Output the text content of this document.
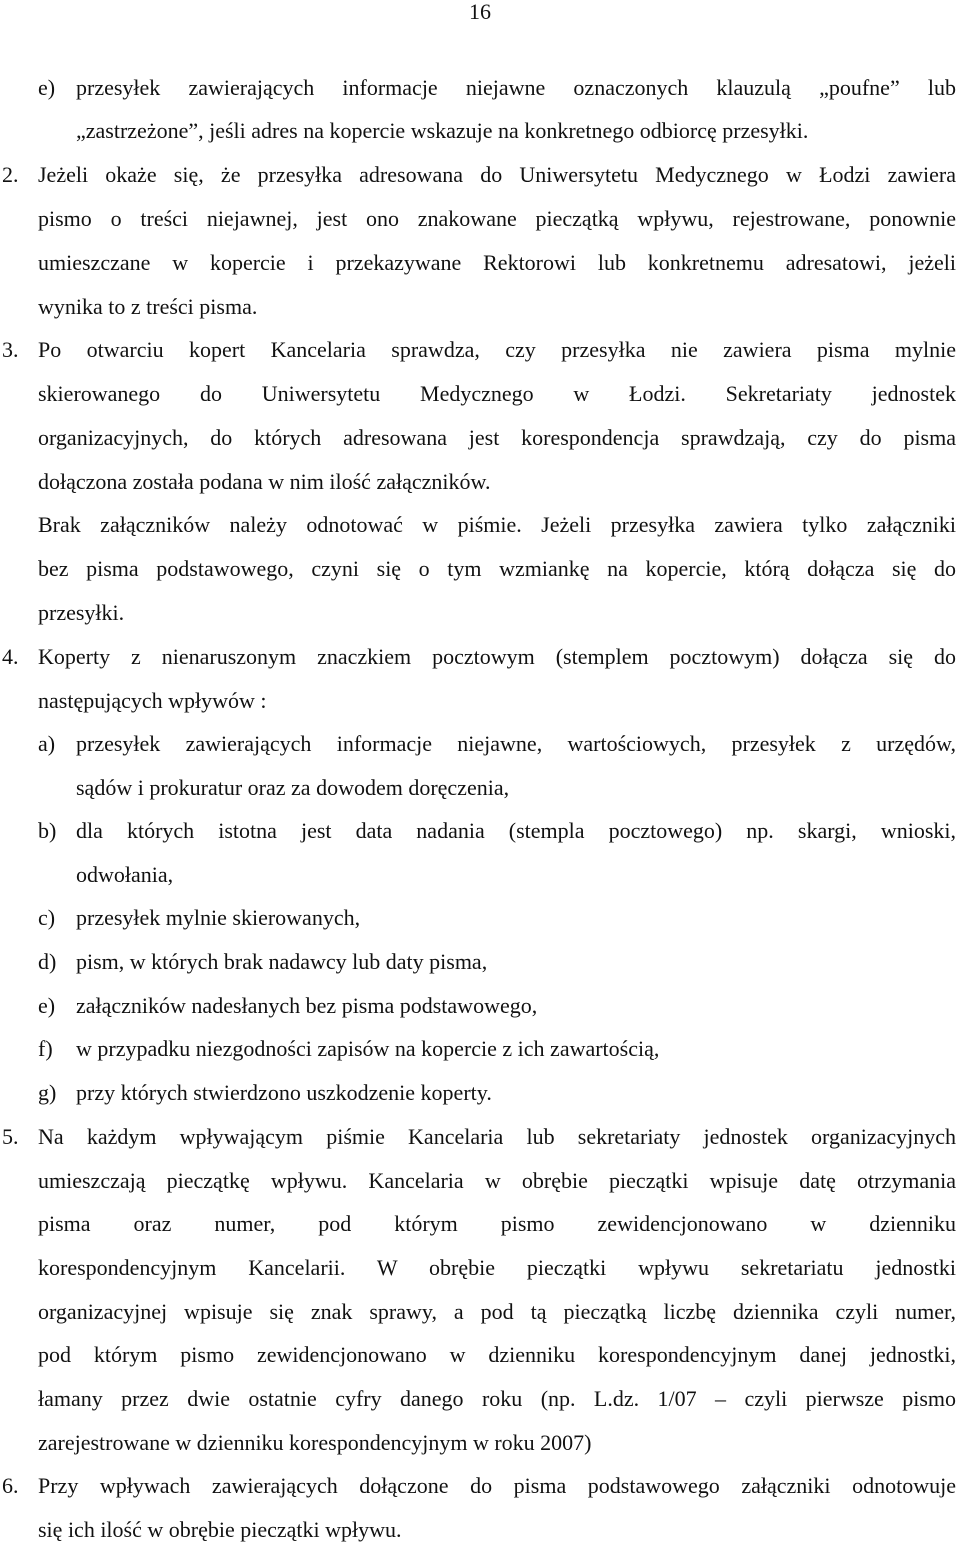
16
e) przesyłek zawierających informacje niejawne oznaczonych klauzulą „poufne” lub
„zastrzeżone”, jeśli adres na kopercie wskazuje na konkretnego odbiorcę przesyłki.
2. Jeżeli okaże się, że przesyłka adresowana do Uniwersytetu Medycznego w Łodzi zawiera
pismo o treści niejawnej, jest ono znakowane pieczątką wpływu, rejestrowane, ponownie
umieszczane w kopercie i przekazywane Rektorowi lub konkretnemu adresatowi, jeżeli
wynika to z treści pisma.
3. Po otwarciu kopert Kancelaria sprawdza, czy przesyłka nie zawiera pisma mylnie
skierowanego do Uniwersytetu Medycznego w Łodzi. Sekretariaty jednostek
organizacyjnych, do których adresowana jest korespondencja sprawdzają, czy do pisma
dołączona została podana w nim ilość załączników.
Brak załączników należy odnotować w piśmie. Jeżeli przesyłka zawiera tylko załączniki
bez pisma podstawowego, czyni się o tym wzmiankę na kopercie, którą dołącza się do
przesyłki.
4. Koperty z nienaruszonym znaczkiem pocztowym (stemplem pocztowym) dołącza się do
następujących wpływów :
a) przesyłek zawierających informacje niejawne, wartościowych, przesyłek z urzędów,
sądów i prokuratur oraz za dowodem doręczenia,
b) dla których istotna jest data nadania (stempla pocztowego) np. skargi, wnioski,
odwołania,
c) przesyłek mylnie skierowanych,
d) pism, w których brak nadawcy lub daty pisma,
e) załączników nadesłanych bez pisma podstawowego,
f)	w przypadku niezgodności zapisów na kopercie z ich zawartością,
g) przy których stwierdzono uszkodzenie koperty.
5. Na każdym wpływającym piśmie Kancelaria lub sekretariaty jednostek organizacyjnych
umieszczają pieczątkę wpływu. Kancelaria w obrębie pieczątki wpisuje datę otrzymania
pisma oraz numer, pod którym pismo zewidencjonowano w dzienniku
korespondencyjnym Kancelarii. W obrębie pieczątki wpływu sekretariatu jednostki
organizacyjnej wpisuje się znak sprawy, a pod tą pieczątką liczbę dziennika czyli numer,
pod którym pismo zewidencjonowano w dzienniku korespondencyjnym danej jednostki,
łamany przez dwie ostatnie cyfry danego roku (np. L.dz. 1/07 – czyli pierwsze pismo
zarejestrowane w dzienniku korespondencyjnym w roku 2007)
6. Przy wpływach zawierających dołączone do pisma podstawowego załączniki odnotowuje
się ich ilość w obrębie pieczątki wpływu.
